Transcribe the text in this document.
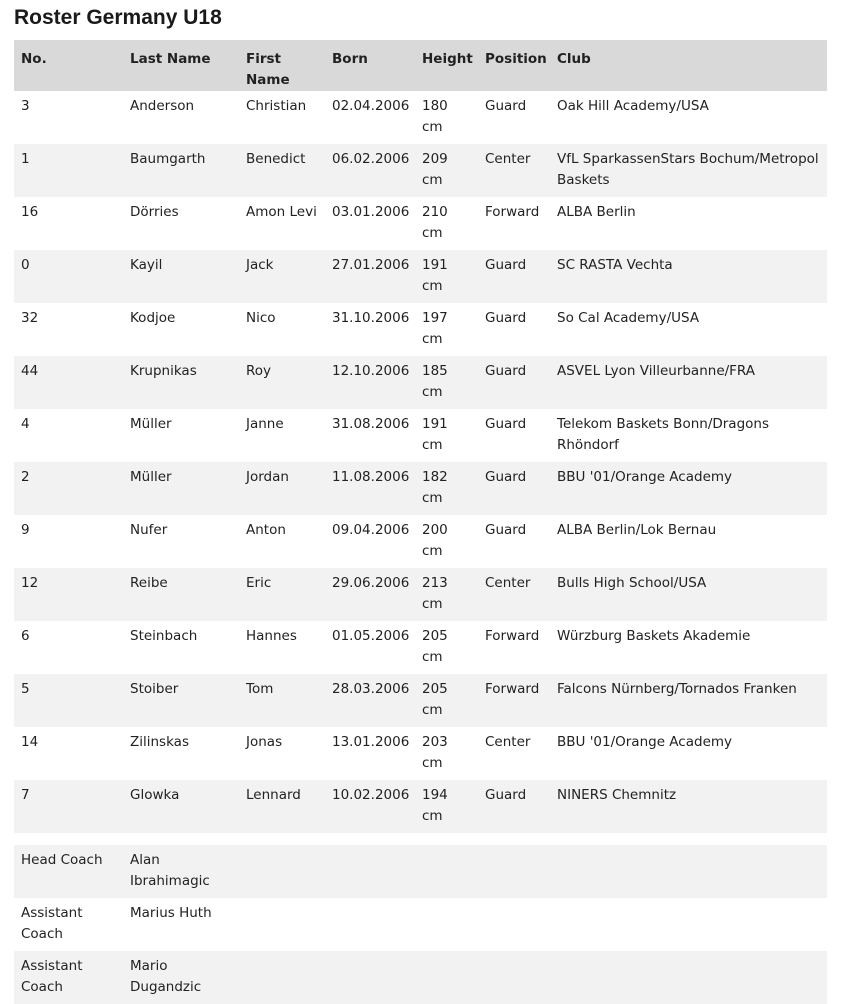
Roster Germany U18
No.	Last Name	First Name	Born	Height	Position	Club
3	Anderson	Christian	02.04.2006	180 cm	Guard	Oak Hill Academy/USA
1	Baumgarth	Benedict	06.02.2006	209 cm	Center	VfL SparkassenStars Bochum/Metropol Baskets
16	Dörries	Amon Levi	03.01.2006	210 cm	Forward	ALBA Berlin
0	Kayil	Jack	27.01.2006	191 cm	Guard	SC RASTA Vechta
32	Kodjoe	Nico	31.10.2006	197 cm	Guard	So Cal Academy/USA
44	Krupnikas	Roy	12.10.2006	185 cm	Guard	ASVEL Lyon Villeurbanne/FRA
4	Müller	Janne	31.08.2006	191 cm	Guard	Telekom Baskets Bonn/Dragons Rhöndorf
2	Müller	Jordan	11.08.2006	182 cm	Guard	BBU '01/Orange Academy
9	Nufer	Anton	09.04.2006	200 cm	Guard	ALBA Berlin/Lok Bernau
12	Reibe	Eric	29.06.2006	213 cm	Center	Bulls High School/USA
6	Steinbach	Hannes	01.05.2006	205 cm	Forward	Würzburg Baskets Akademie
5	Stoiber	Tom	28.03.2006	205 cm	Forward	Falcons Nürnberg/Tornados Franken
14	Zilinskas	Jonas	13.01.2006	203 cm	Center	BBU '01/Orange Academy
7	Glowka	Lennard	10.02.2006	194 cm	Guard	NINERS Chemnitz

Head Coach	Alan Ibrahimagic					
Assistant Coach	Marius Huth					
Assistant Coach	Mario Dugandzic					
